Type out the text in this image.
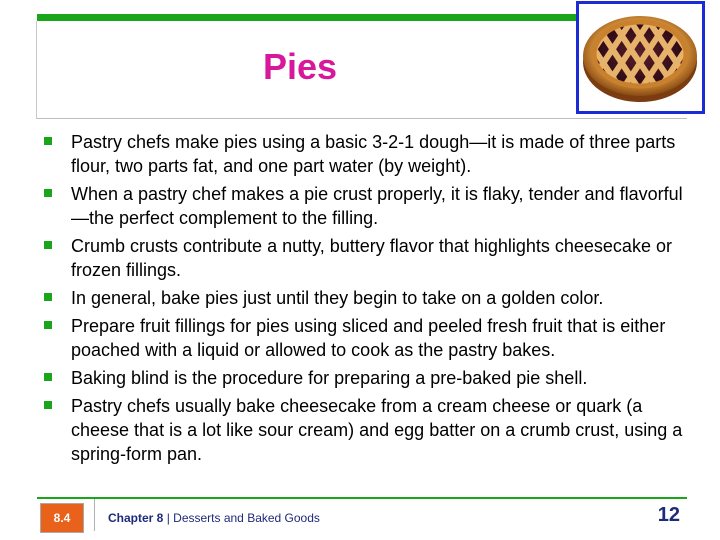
Pies
Pastry chefs make pies using a basic 3-2-1 dough—it is made of three parts flour, two parts fat, and one part water (by weight).
When a pastry chef makes a pie crust properly, it is flaky, tender and flavorful—the perfect complement to the filling.
Crumb crusts contribute a nutty, buttery flavor that highlights cheesecake or frozen fillings.
In general, bake pies just until they begin to take on a golden color.
Prepare fruit fillings for pies using sliced and peeled fresh fruit that is either poached with a liquid or allowed to cook as the pastry bakes.
Baking blind is the procedure for preparing a pre-baked pie shell.
Pastry chefs usually bake cheesecake from a cream cheese or quark (a cheese that is a lot like sour cream) and egg batter on a crumb crust, using a spring-form pan.
8.4	Chapter 8 | Desserts and Baked Goods	12
